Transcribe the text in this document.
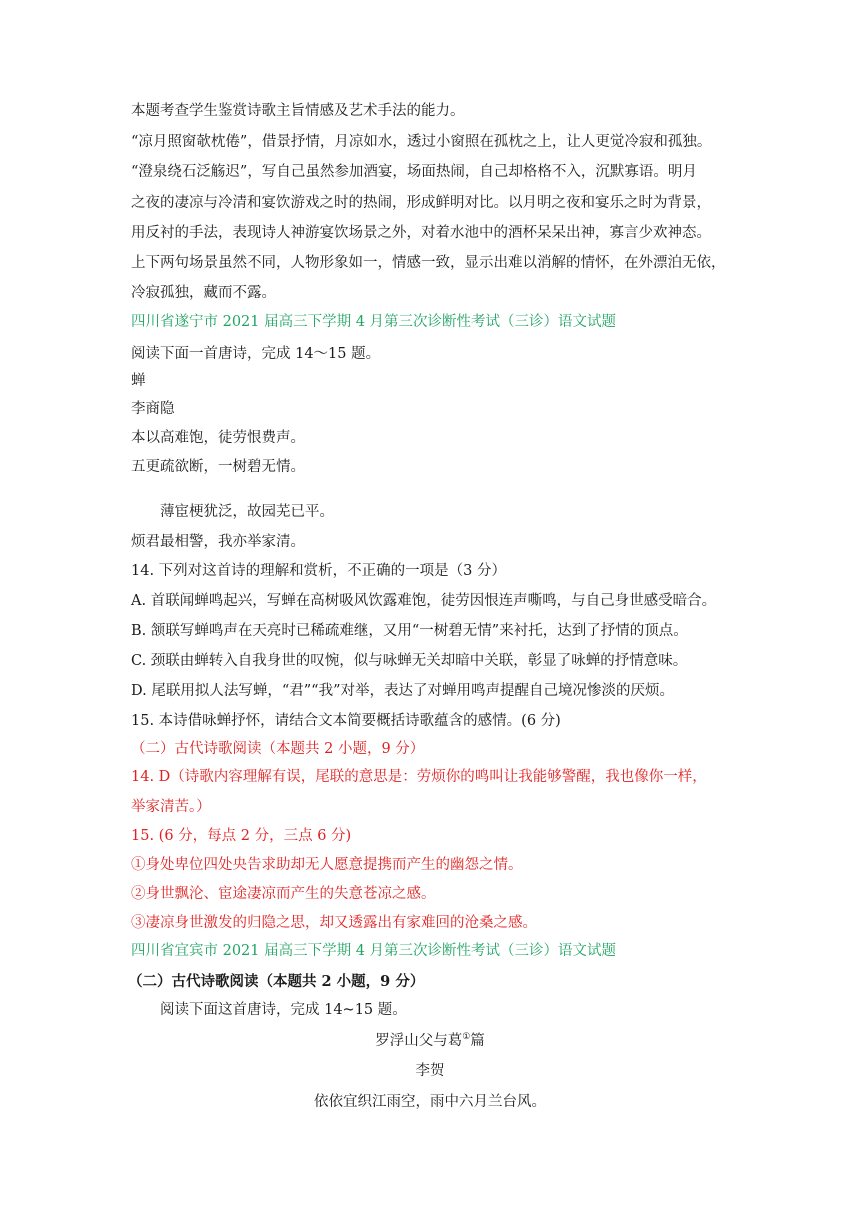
本题考查学生鉴赏诗歌主旨情感及艺术手法的能力。
“凉月照窗欹枕倦”，借景抒情，月凉如水，透过小窗照在孤枕之上，让人更觉冷寂和孤独。
“澄泉绕石泛觞迟”，写自己虽然参加酒宴，场面热闹，自己却格格不入，沉默寡语。明月
之夜的凄凉与冷清和宴饮游戏之时的热闹，形成鲜明对比。以月明之夜和宴乐之时为背景，
用反衬的手法，表现诗人神游宴饮场景之外，对着水池中的酒杯呆呆出神，寡言少欢神态。
上下两句场景虽然不同，人物形象如一，情感一致，显示出难以消解的情怀，在外漂泊无依，
冷寂孤独，藏而不露。
四川省遂宁市 2021 届高三下学期 4 月第三次诊断性考试（三诊）语文试题
阅读下面一首唐诗，完成 14～15 题。
蝉
李商隐
本以高难饱，徒劳恨费声。
五更疏欲断，一树碧无情。
薄宦梗犹泛，故园芜已平。
烦君最相警，我亦举家清。
14. 下列对这首诗的理解和赏析，不正确的一项是（3 分）
A. 首联闻蝉鸣起兴，写蝉在高树吸风饮露难饱，徒劳因恨连声嘶鸣，与自己身世感受暗合。
B. 颔联写蝉鸣声在天亮时已稀疏难继，又用“一树碧无情”来衬托，达到了抒情的顶点。
C. 颈联由蝉转入自我身世的叹惋，似与咏蝉无关却暗中关联，彰显了咏蝉的抒情意味。
D. 尾联用拟人法写蝉，“君”“我”对举，表达了对蝉用鸣声提醒自己境况惨淡的厌烦。
15. 本诗借咏蝉抒怀，请结合文本简要概括诗歌蕴含的感情。(6 分)
（二）古代诗歌阅读（本题共 2 小题，9 分）
14. D（诗歌内容理解有误，尾联的意思是：劳烦你的鸣叫让我能够警醒，我也像你一样，
举家清苦。）
15. (6 分，每点 2 分，三点 6 分)
①身处卑位四处央告求助却无人愿意提携而产生的幽怨之情。
②身世飘沦、宦途凄凉而产生的失意苍凉之感。
③凄凉身世激发的归隐之思，却又透露出有家难回的沧桑之感。
四川省宜宾市 2021 届高三下学期 4 月第三次诊断性考试（三诊）语文试题
（二）古代诗歌阅读（本题共 2 小题，9 分）
阅读下面这首唐诗，完成 14~15 题。
罗浮山父与葛①篇
李贺
依依宜织江雨空，雨中六月兰台风。
